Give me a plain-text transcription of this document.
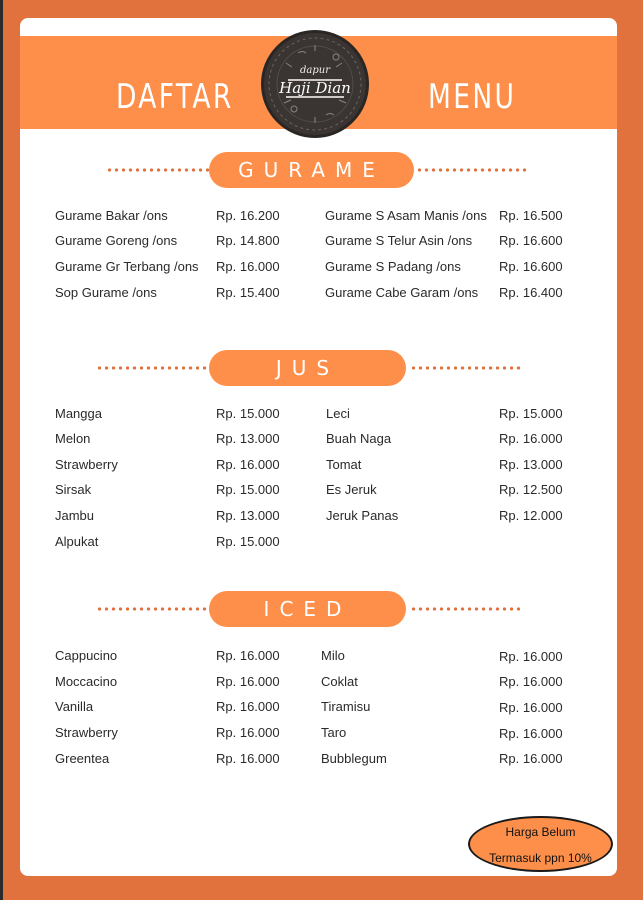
DAFTAR	MENU
dapur
Haji Dian
GURAME
Gurame Bakar /ons	Rp. 16.200
Gurame Goreng /ons	Rp. 14.800
Gurame Gr Terbang /ons Rp. 16.000
Sop Gurame /ons	Rp. 15.400
Gurame S Asam Manis /ons Rp. 16.500
Gurame S Telur Asin /ons Rp. 16.600
Gurame S Padang /ons	Rp. 16.600
Gurame Cabe Garam /ons Rp. 16.400
JUS
Mangga	Rp. 15.000
Melon	Rp. 13.000
Strawberry	Rp. 16.000
Sirsak	Rp. 15.000
Jambu	Rp. 13.000
Alpukat	Rp. 15.000
Leci	Rp. 15.000
Buah Naga	Rp. 16.000
Tomat	Rp. 13.000
Es Jeruk	Rp. 12.500
Jeruk Panas	Rp. 12.000
ICED
Cappucino	Rp. 16.000
Moccacino	Rp. 16.000
Vanilla	Rp. 16.000
Strawberry	Rp. 16.000
Greentea	Rp. 16.000
Milo	Rp. 16.000
Coklat	Rp. 16.000
Tiramisu	Rp. 16.000
Taro	Rp. 16.000
Bubblegum	Rp. 16.000
Harga Belum
Termasuk ppn 10%
